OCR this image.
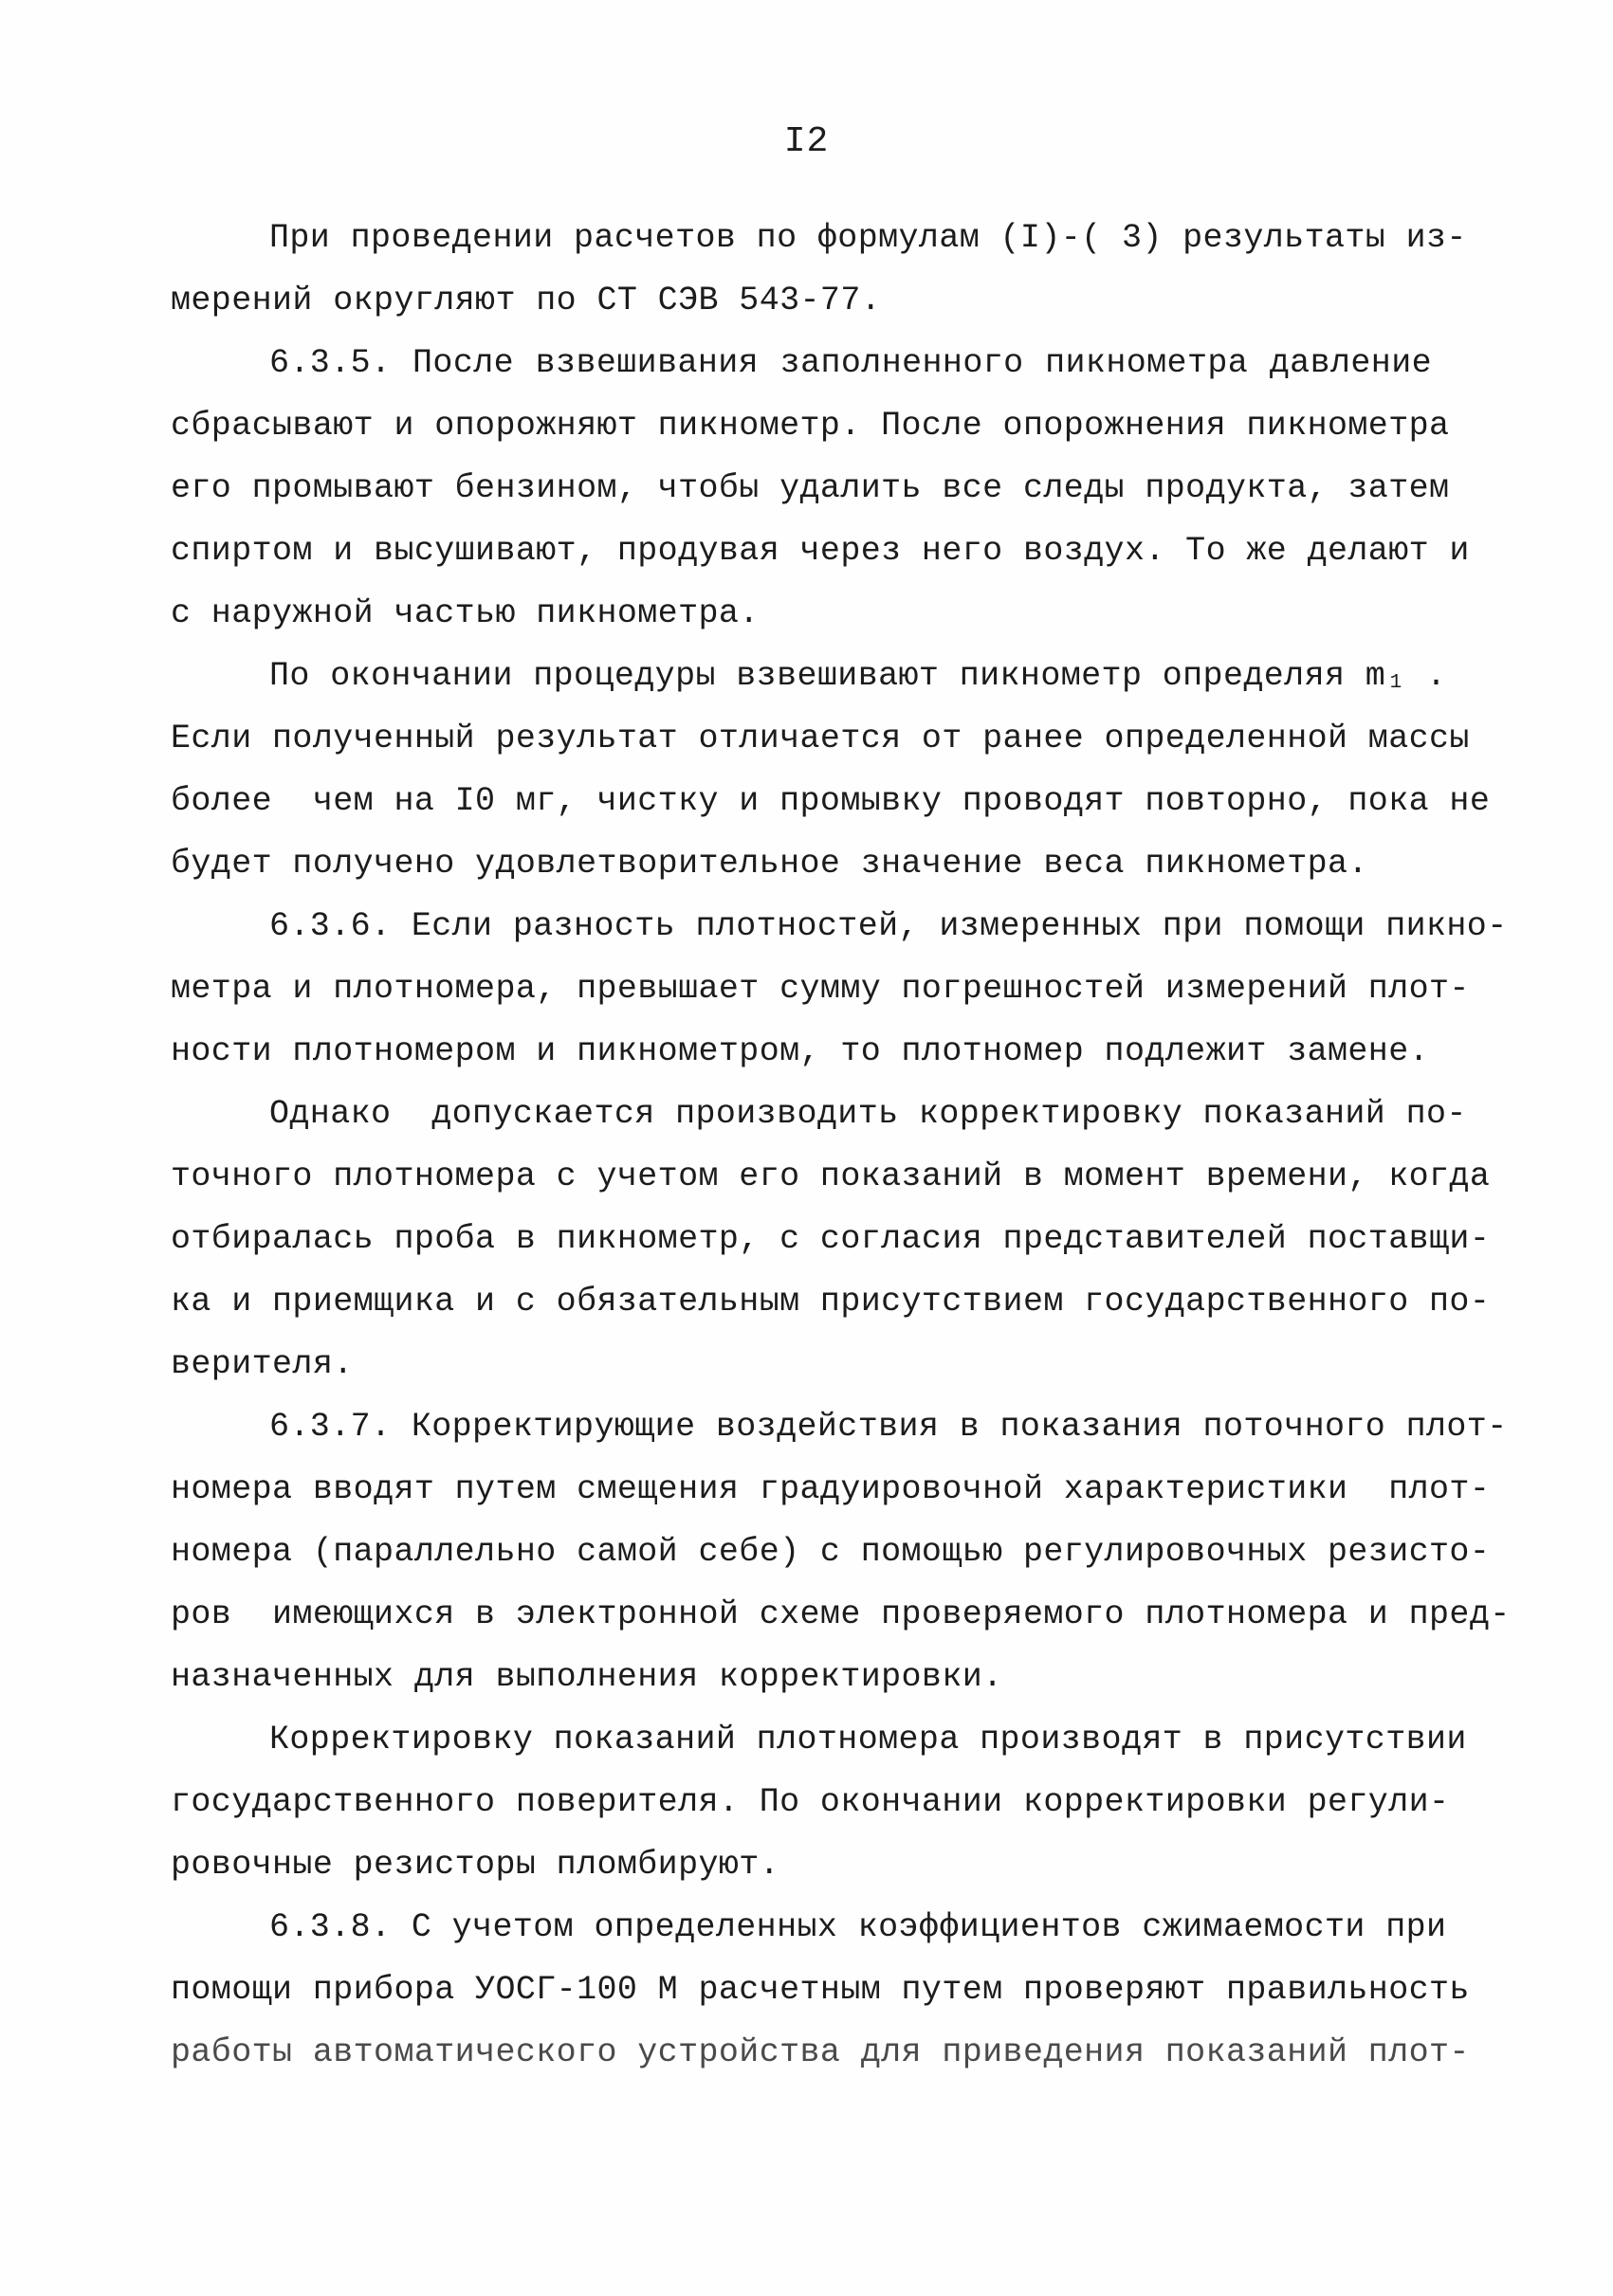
I2
При проведении расчетов по формулам (I)-( 3) результаты из-
мерений округляют по СТ СЭВ 543-77.
6.3.5. После взвешивания заполненного пикнометра давление
сбрасывают и опорожняют пикнометр. После опорожнения пикнометра
его промывают бензином, чтобы удалить все следы продукта, затем
спиртом и высушивают, продувая через него воздух. То же делают и
с наружной частью пикнометра.
По окончании процедуры взвешивают пикнометр определяя m₁ .
Если полученный результат отличается от ранее определенной массы
более  чем на I0 мг, чистку и промывку проводят повторно, пока не
будет получено удовлетворительное значение веса пикнометра.
6.3.6. Если разность плотностей, измеренных при помощи пикно-
метра и плотномера, превышает сумму погрешностей измерений плот-
ности плотномером и пикнометром, то плотномер подлежит замене.
Однако  допускается производить корректировку показаний по-
точного плотномера с учетом его показаний в момент времени, когда
отбиралась проба в пикнометр, с согласия представителей поставщи-
ка и приемщика и с обязательным присутствием государственного по-
верителя.
6.3.7. Корректирующие воздействия в показания поточного плот-
номера вводят путем смещения градуировочной характеристики  плот-
номера (параллельно самой себе) с помощью регулировочных резисто-
ров  имеющихся в электронной схеме проверяемого плотномера и пред-
назначенных для выполнения корректировки.
Корректировку показаний плотномера производят в присутствии
государственного поверителя. По окончании корректировки регули-
ровочные резисторы пломбируют.
6.3.8. С учетом определенных коэффициентов сжимаемости при
помощи прибора УОСГ-100 М расчетным путем проверяют правильность
работы автоматического устройства для приведения показаний плот-
